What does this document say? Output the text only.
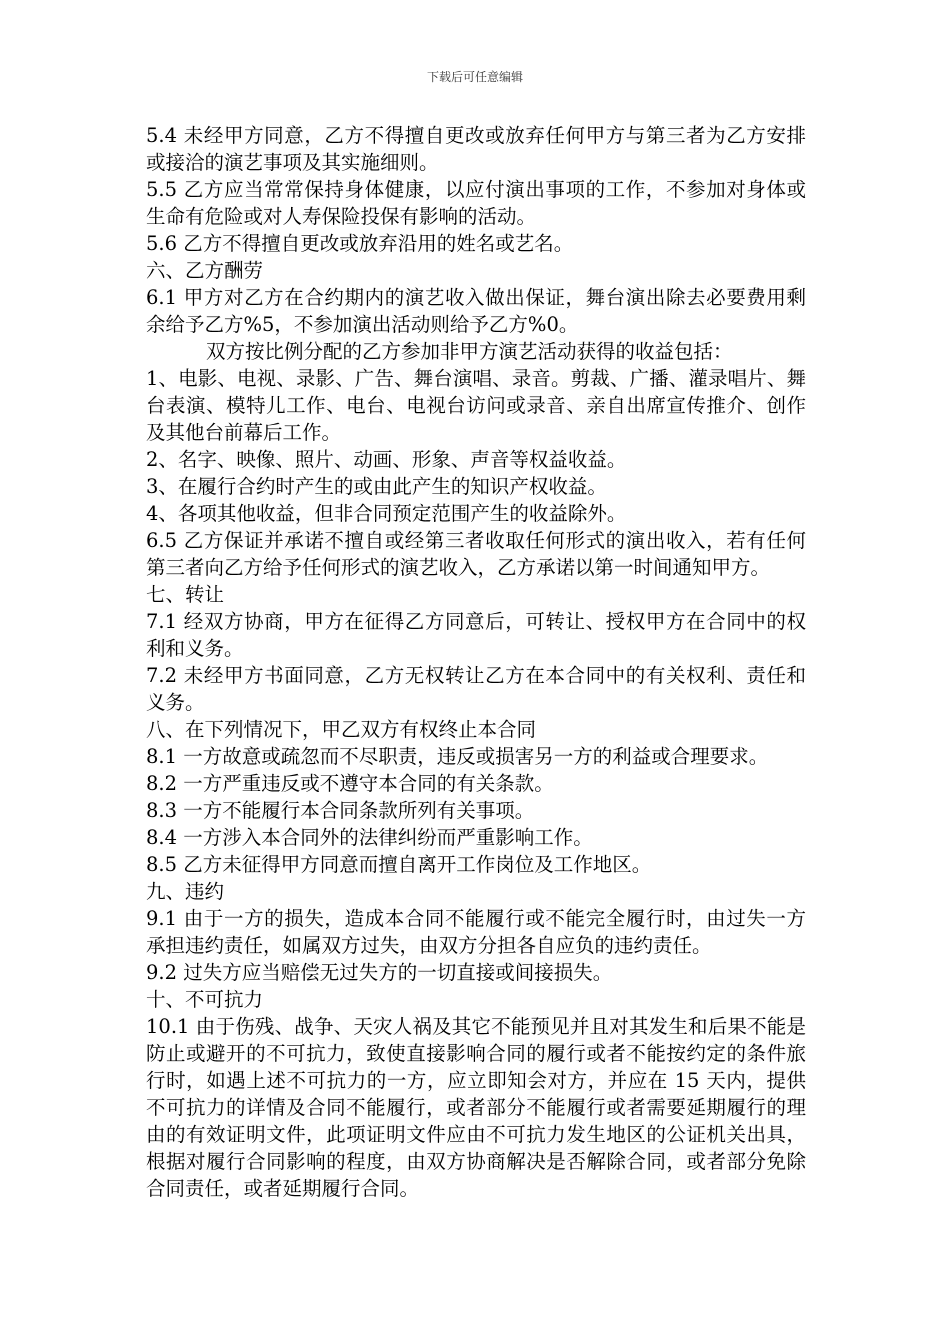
下载后可任意编辑

5.4 未经甲方同意，乙方不得擅自更改或放弃任何甲方与第三者为乙方安排或接洽的演艺事项及其实施细则。

5.5 乙方应当常常保持身体健康，以应付演出事项的工作，不参加对身体或生命有危险或对人寿保险投保有影响的活动。

5.6 乙方不得擅自更改或放弃沿用的姓名或艺名。

六、乙方酬劳

6.1 甲方对乙方在合约期内的演艺收入做出保证，舞台演出除去必要费用剩余给予乙方%5，不参加演出活动则给予乙方%0。

双方按比例分配的乙方参加非甲方演艺活动获得的收益包括：

1、电影、电视、录影、广告、舞台演唱、录音。剪裁、广播、灌录唱片、舞台表演、模特儿工作、电台、电视台访问或录音、亲自出席宣传推介、创作及其他台前幕后工作。

2、名字、映像、照片、动画、形象、声音等权益收益。

3、在履行合约时产生的或由此产生的知识产权收益。

4、各项其他收益，但非合同预定范围产生的收益除外。

6.5 乙方保证并承诺不擅自或经第三者收取任何形式的演出收入，若有任何第三者向乙方给予任何形式的演艺收入，乙方承诺以第一时间通知甲方。

七、转让

7.1 经双方协商，甲方在征得乙方同意后，可转让、授权甲方在合同中的权利和义务。

7.2 未经甲方书面同意，乙方无权转让乙方在本合同中的有关权利、责任和义务。

八、在下列情况下，甲乙双方有权终止本合同

8.1 一方故意或疏忽而不尽职责，违反或损害另一方的利益或合理要求。

8.2 一方严重违反或不遵守本合同的有关条款。

8.3 一方不能履行本合同条款所列有关事项。

8.4 一方涉入本合同外的法律纠纷而严重影响工作。

8.5 乙方未征得甲方同意而擅自离开工作岗位及工作地区。

九、违约

9.1 由于一方的损失，造成本合同不能履行或不能完全履行时，由过失一方承担违约责任，如属双方过失，由双方分担各自应负的违约责任。

9.2 过失方应当赔偿无过失方的一切直接或间接损失。

十、不可抗力

10.1 由于伤残、战争、天灾人祸及其它不能预见并且对其发生和后果不能是防止或避开的不可抗力，致使直接影响合同的履行或者不能按约定的条件旅行时，如遇上述不可抗力的一方，应立即知会对方，并应在 15 天内，提供不可抗力的详情及合同不能履行，或者部分不能履行或者需要延期履行的理由的有效证明文件，此项证明文件应由不可抗力发生地区的公证机关出具，根据对履行合同影响的程度，由双方协商解决是否解除合同，或者部分免除合同责任，或者延期履行合同。
